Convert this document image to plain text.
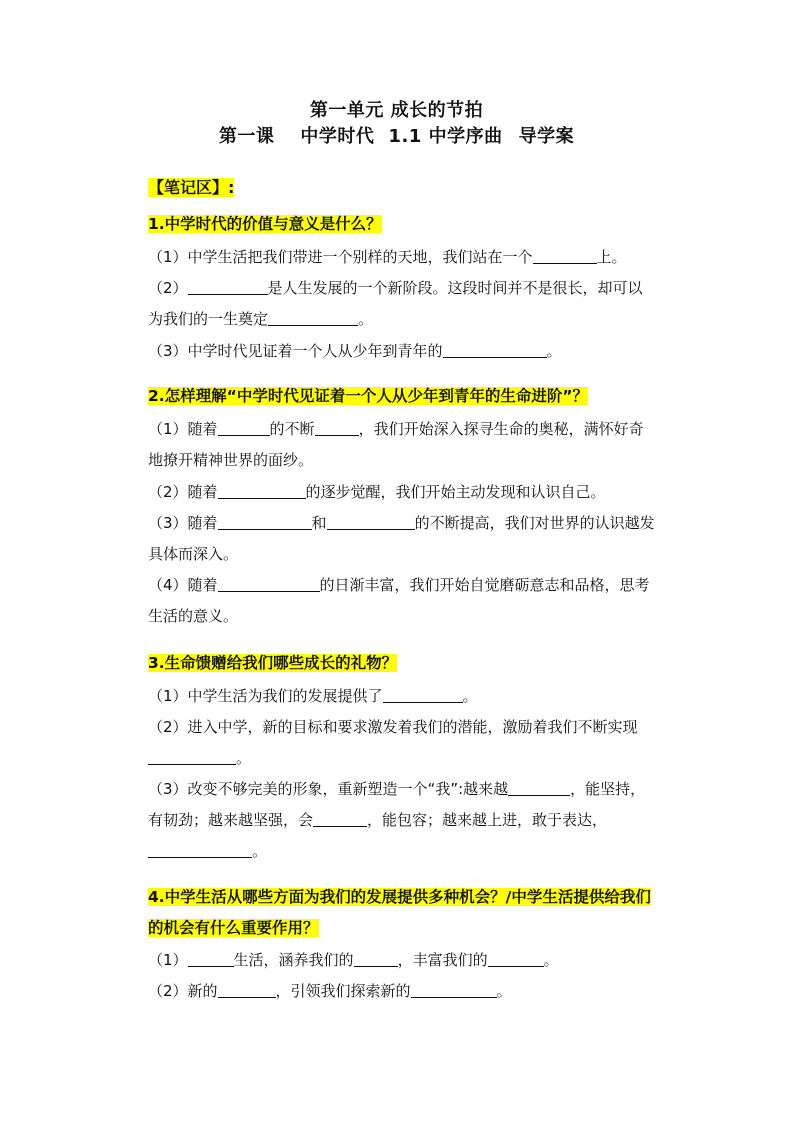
第一单元 成长的节拍
第一课 中学时代 1.1 中学序曲 导学案
【笔记区】:
1.中学时代的价值与意义是什么？
（1）中学生活把我们带进一个别样的天地，我们站在一个	上。
（2）	是人生发展的一个新阶段。这段时间并不是很长，却可以
为我们的一生奠定	。
（3）中学时代见证着一个人从少年到青年的	。
2.怎样理解“中学时代见证着一个人从少年到青年的生命进阶”？
（1）随着	的不断	，我们开始深入探寻生命的奥秘，满怀好奇
地撩开精神世界的面纱。
（2）随着	的逐步觉醒，我们开始主动发现和认识自己。
（3）随着	和	的不断提高，我们对世界的认识越发
具体而深入。
（4）随着	的日渐丰富，我们开始自觉磨砺意志和品格，思考
生活的意义。
3.生命馈赠给我们哪些成长的礼物？
（1）中学生活为我们的发展提供了	。
（2）进入中学，新的目标和要求激发着我们的潜能，激励着我们不断实现
。
（3）改变不够完美的形象，重新塑造一个“我”:越来越	，能坚持，
有韧劲；越来越坚强，会	，能包容；越来越上进，敢于表达，
。
4.中学生活从哪些方面为我们的发展提供多种机会？/中学生活提供给我们
的机会有什么重要作用？
（1）	生活，涵养我们的	，丰富我们的	。
（2）新的	，引领我们探索新的	。
